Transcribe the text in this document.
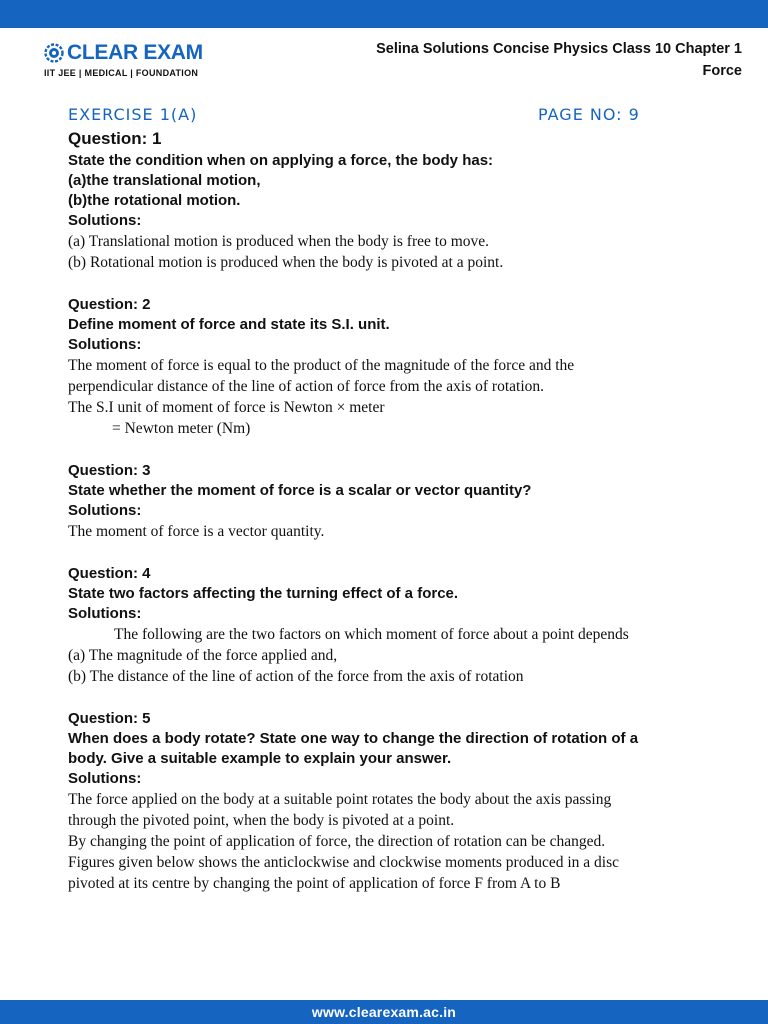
CLEAR EXAM
IIT JEE | MEDICAL | FOUNDATION
Selina Solutions Concise Physics Class 10 Chapter 1
Force
EXERCISE 1(A)	PAGE NO: 9
Question: 1
State the condition when on applying a force, the body has:
(a)the translational motion,
(b)the rotational motion.
Solutions:
(a) Translational motion is produced when the body is free to move.
(b) Rotational motion is produced when the body is pivoted at a point.
Question: 2
Define moment of force and state its S.I. unit.
Solutions:
The moment of force is equal to the product of the magnitude of the force and the
perpendicular distance of the line of action of force from the axis of rotation.
The S.I unit of moment of force is Newton × meter
= Newton meter (Nm)
Question: 3
State whether the moment of force is a scalar or vector quantity?
Solutions:
The moment of force is a vector quantity.
Question: 4
State two factors affecting the turning effect of a force.
Solutions:
The following are the two factors on which moment of force about a point depends
(a) The magnitude of the force applied and,
(b) The distance of the line of action of the force from the axis of rotation
Question: 5
When does a body rotate? State one way to change the direction of rotation of a
body. Give a suitable example to explain your answer.
Solutions:
The force applied on the body at a suitable point rotates the body about the axis passing
through the pivoted point, when the body is pivoted at a point.
By changing the point of application of force, the direction of rotation can be changed.
Figures given below shows the anticlockwise and clockwise moments produced in a disc
pivoted at its centre by changing the point of application of force F from A to B
www.clearexam.ac.in
